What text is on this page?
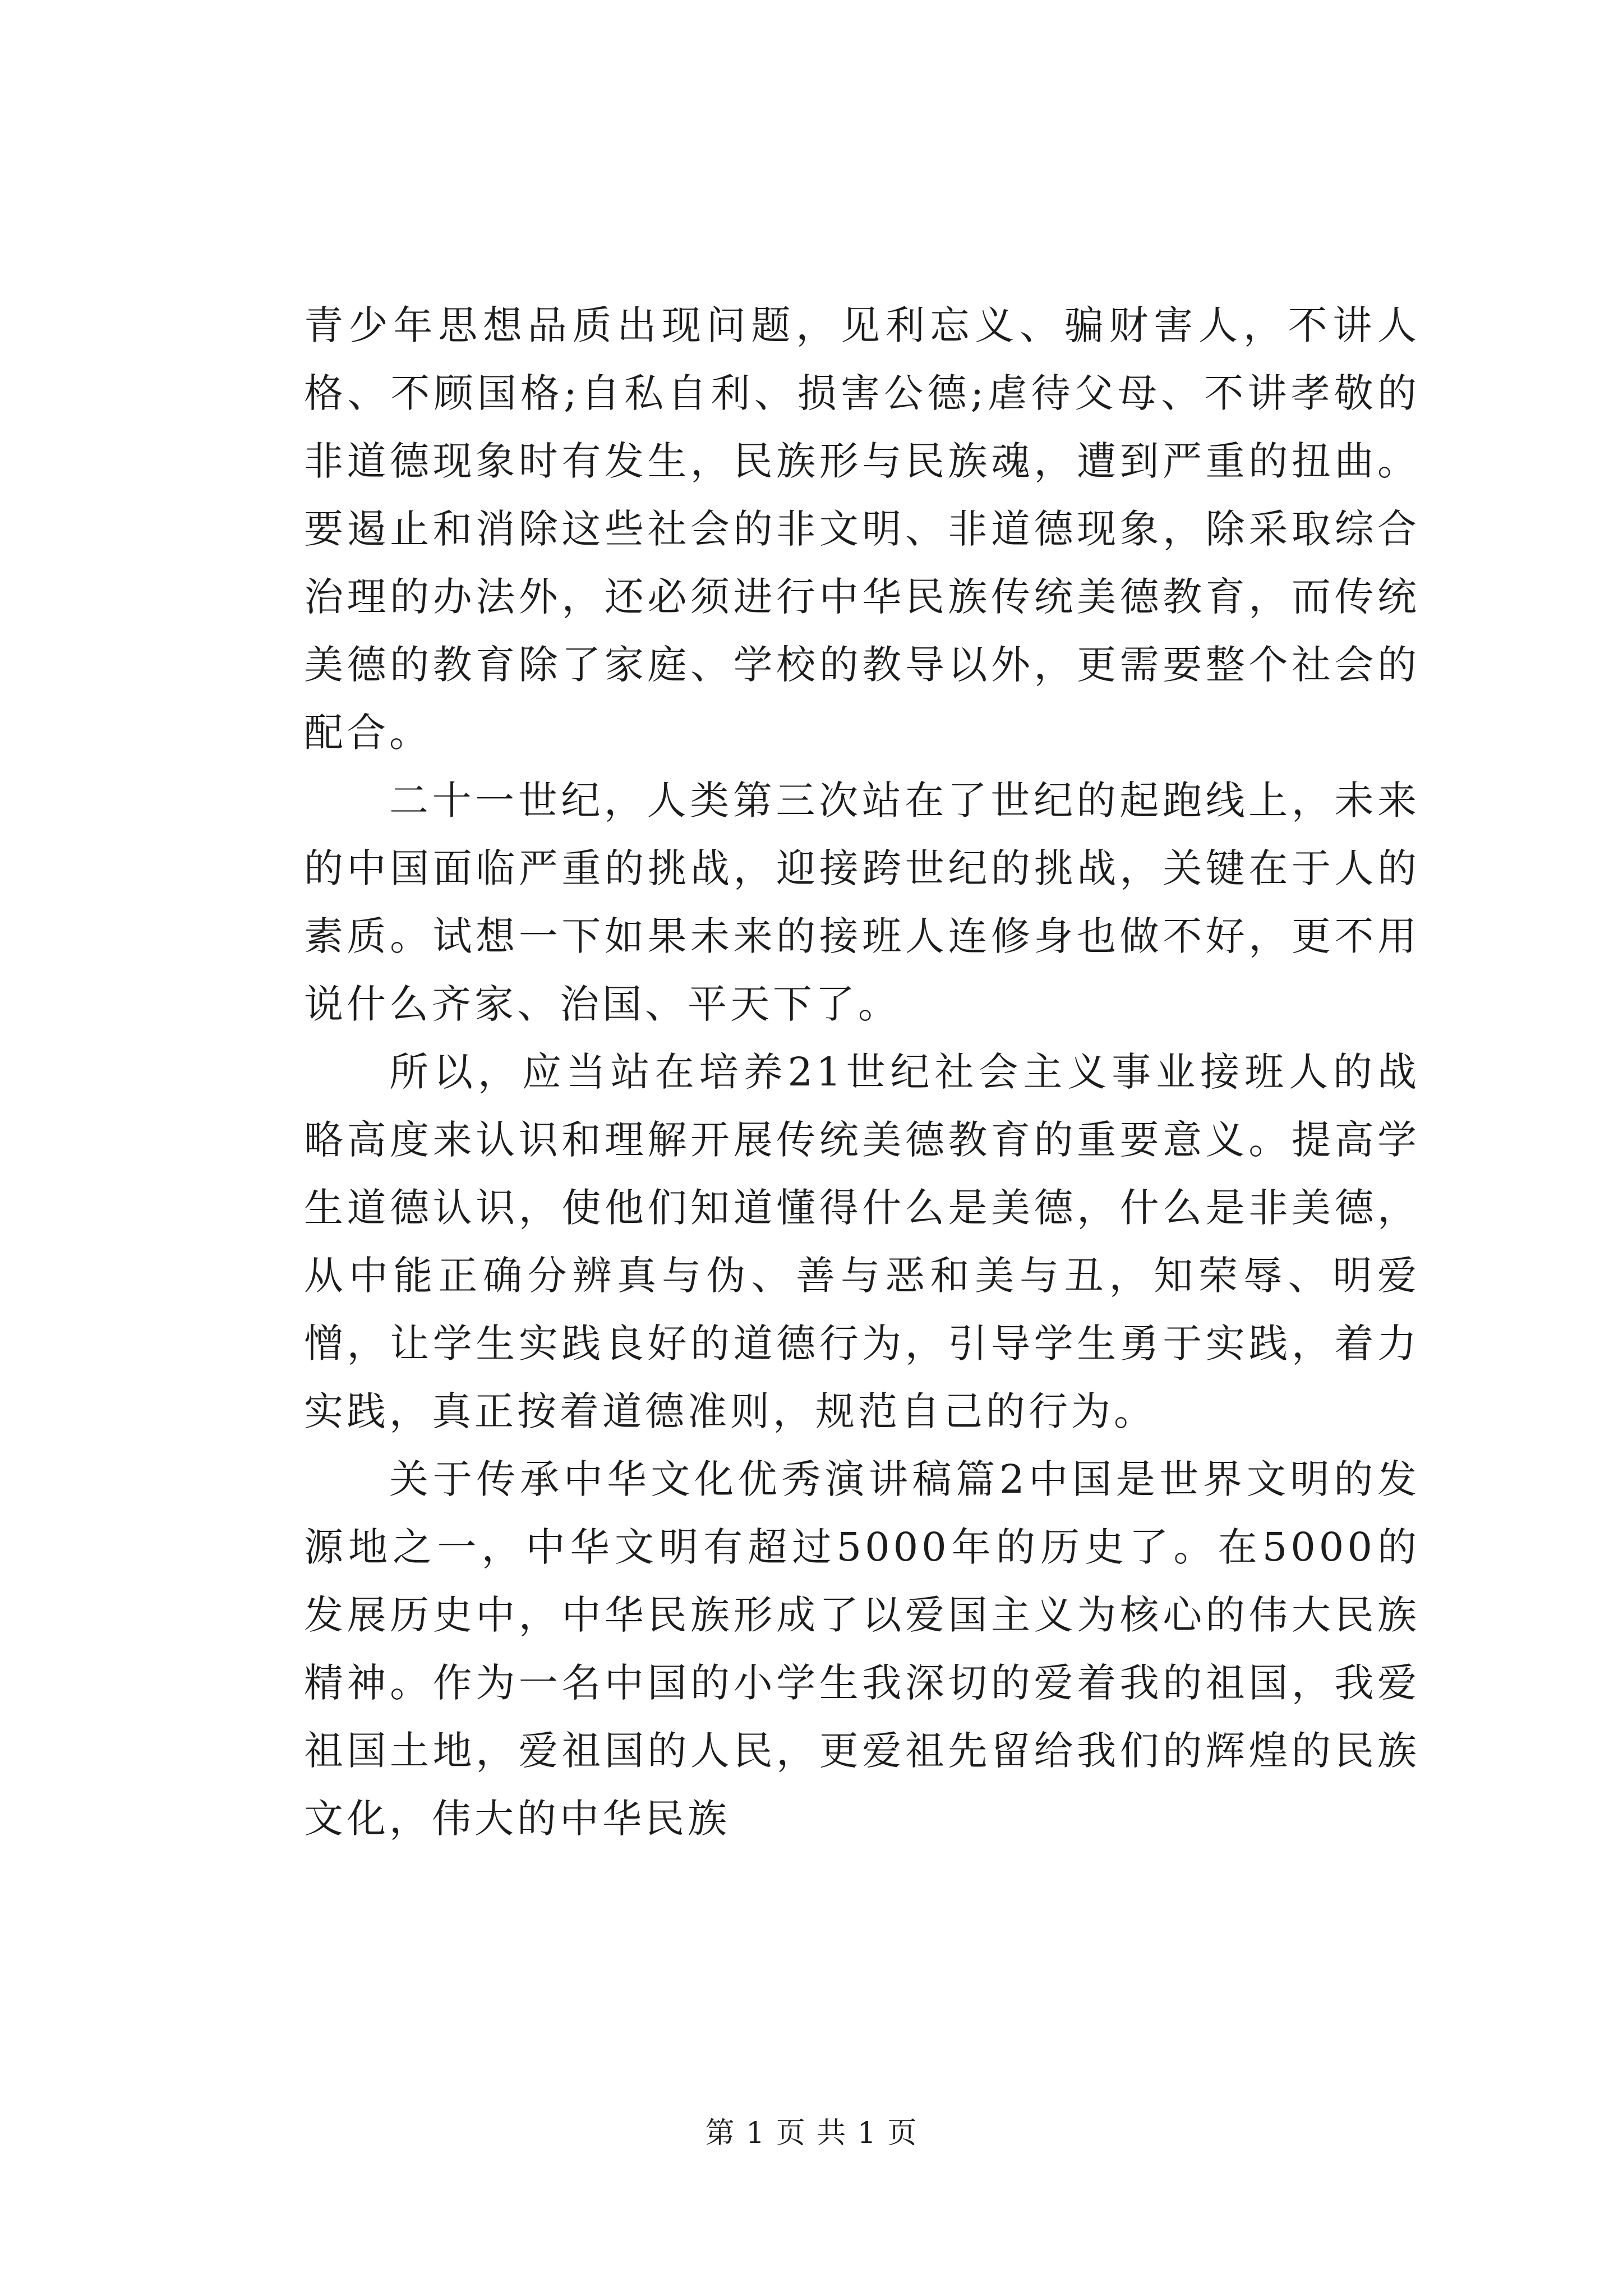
青少年思想品质出现问题，见利忘义、骗财害人，不讲人格、不顾国格;自私自利、损害公德;虐待父母、不讲孝敬的非道德现象时有发生，民族形与民族魂，遭到严重的扭曲。要遏止和消除这些社会的非文明、非道德现象，除采取综合治理的办法外，还必须进行中华民族传统美德教育，而传统美德的教育除了家庭、学校的教导以外，更需要整个社会的配合。

二十一世纪，人类第三次站在了世纪的起跑线上，未来的中国面临严重的挑战，迎接跨世纪的挑战，关键在于人的素质。试想一下如果未来的接班人连修身也做不好，更不用说什么齐家、治国、平天下了。

所以，应当站在培养21世纪社会主义事业接班人的战略高度来认识和理解开展传统美德教育的重要意义。提高学生道德认识，使他们知道懂得什么是美德，什么是非美德，从中能正确分辨真与伪、善与恶和美与丑，知荣辱、明爱憎，让学生实践良好的道德行为，引导学生勇于实践，着力实践，真正按着道德准则，规范自己的行为。

关于传承中华文化优秀演讲稿篇2中国是世界文明的发源地之一，中华文明有超过5000年的历史了。在5000的发展历史中，中华民族形成了以爱国主义为核心的伟大民族精神。作为一名中国的小学生我深切的爱着我的祖国，我爱祖国土地，爱祖国的人民，更爱祖先留给我们的辉煌的民族文化，伟大的中华民族

第 1 页 共 1 页
